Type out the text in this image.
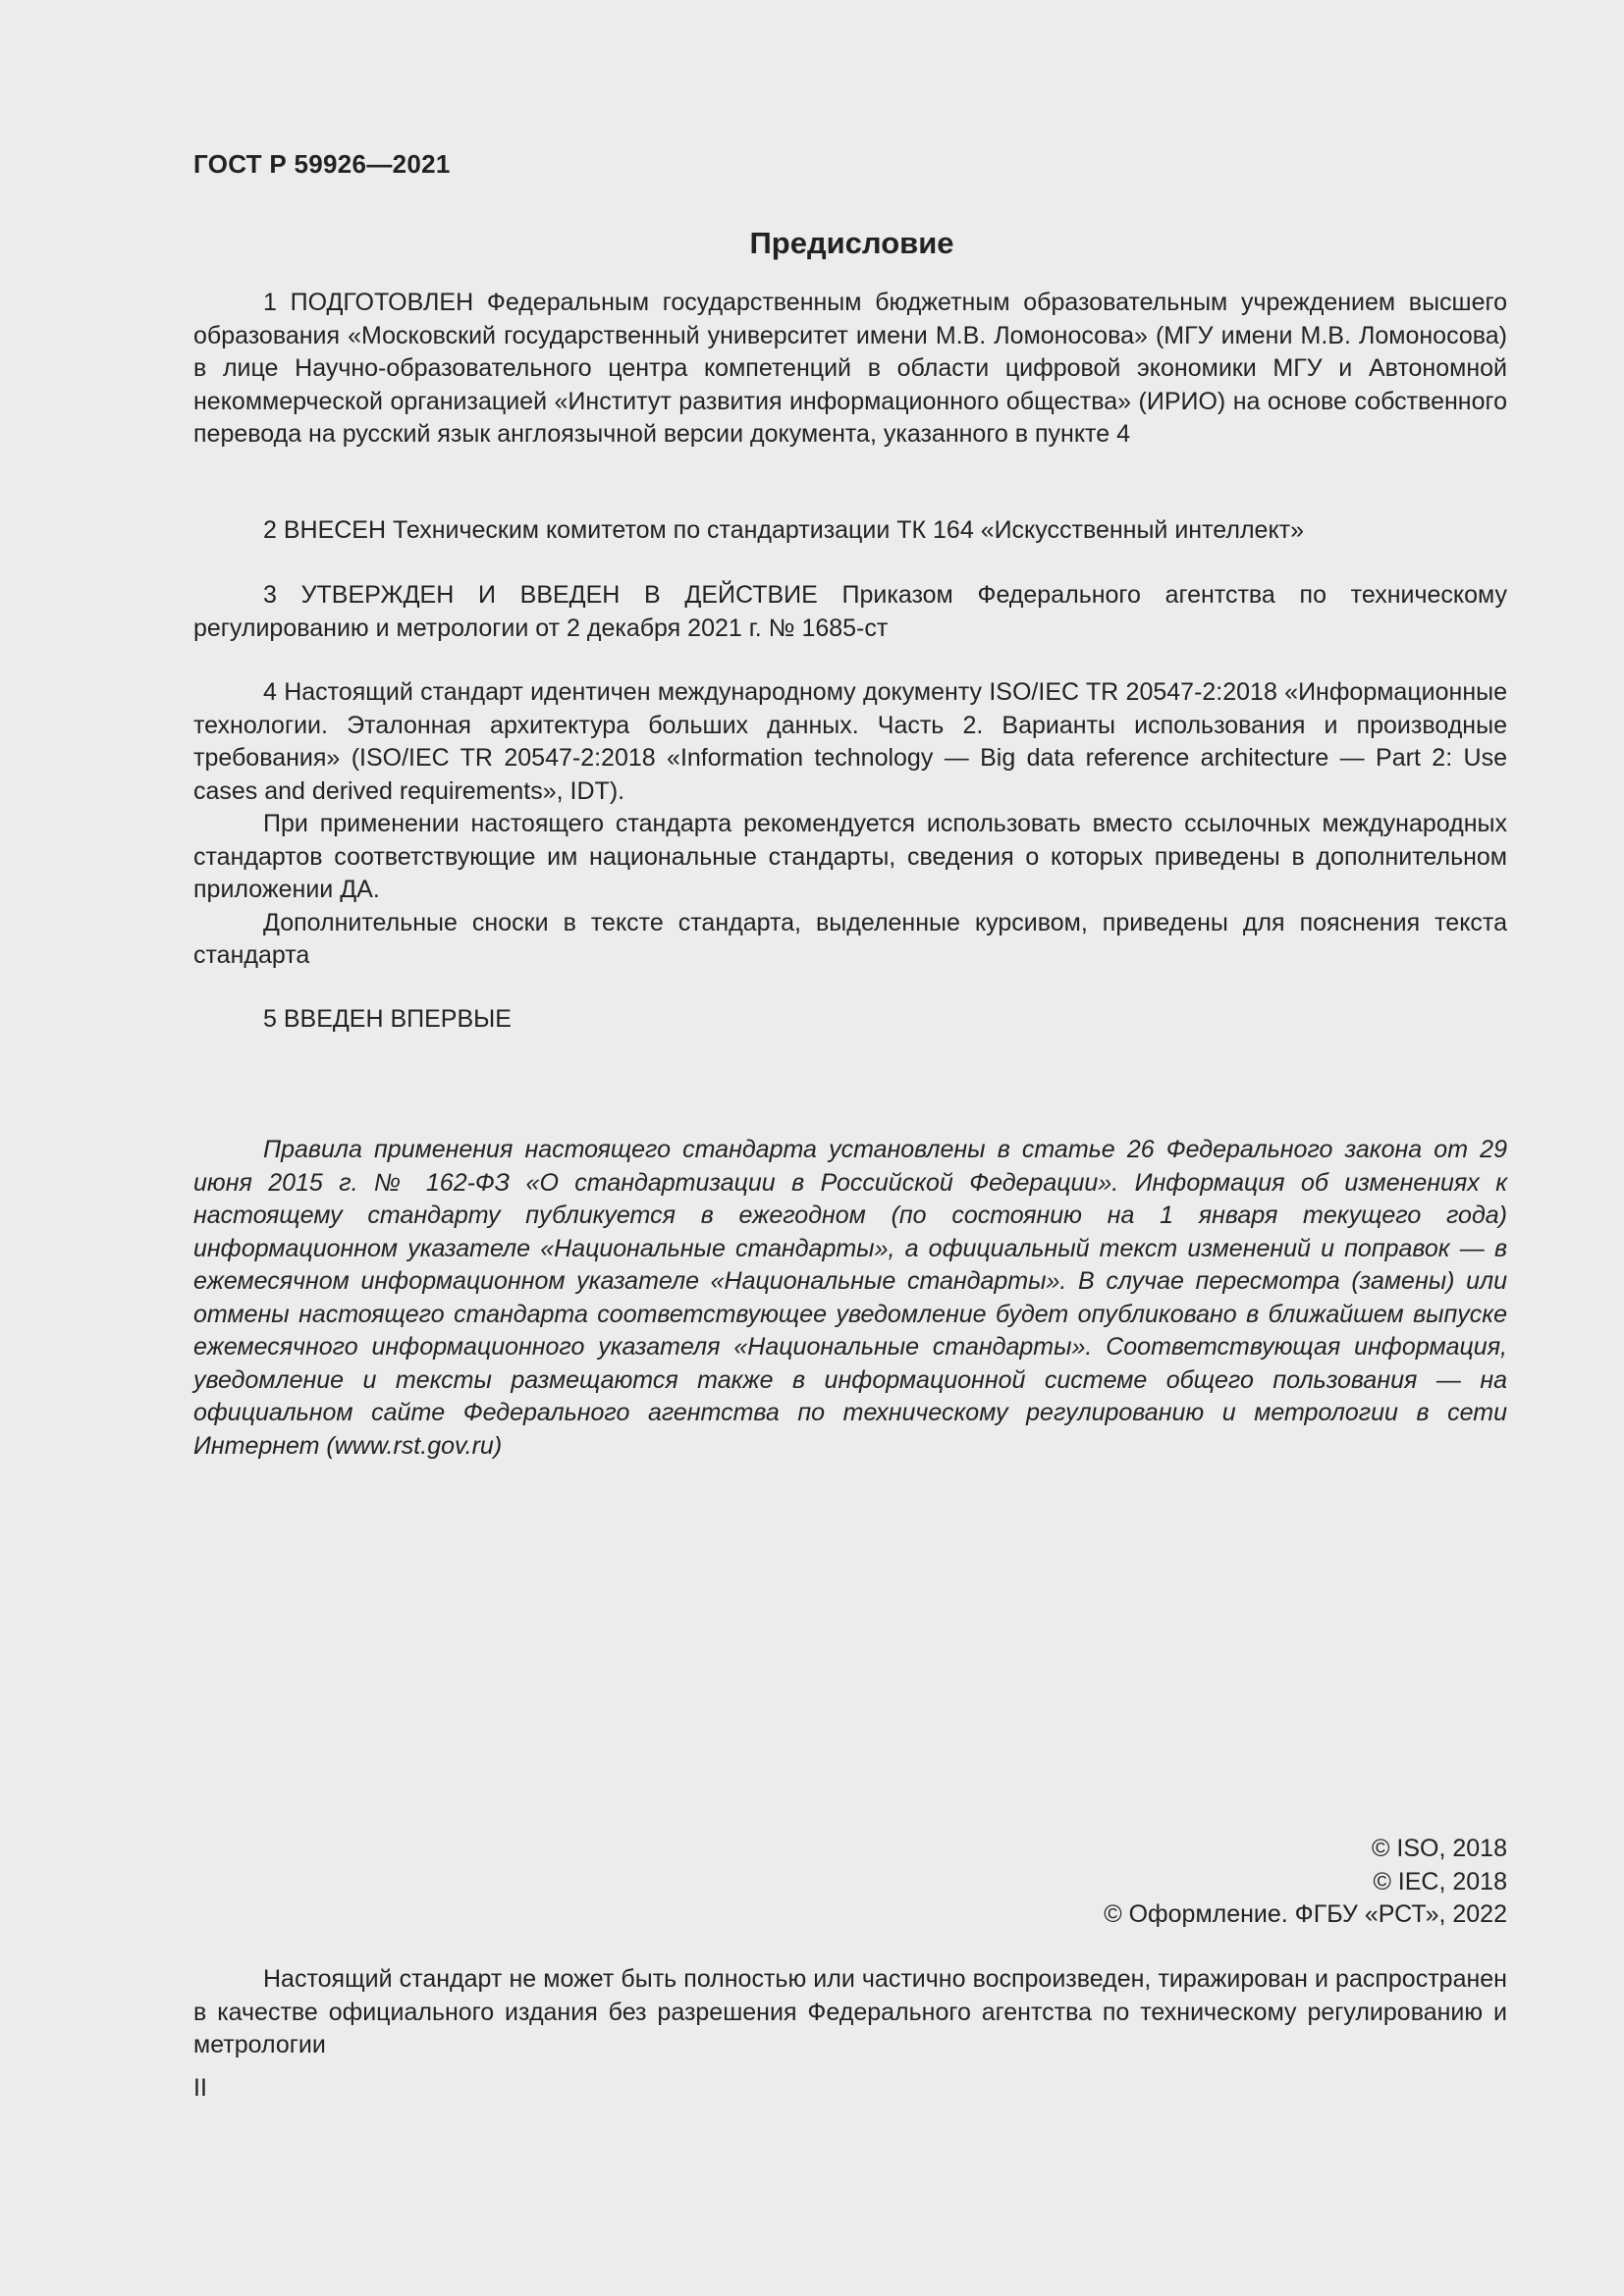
ГОСТ Р 59926—2021
Предисловие

1 ПОДГОТОВЛЕН Федеральным государственным бюджетным образовательным учреждением высшего образования «Московский государственный университет имени М.В. Ломоносова» (МГУ имени М.В. Ломоносова) в лице Научно-образовательного центра компетенций в области цифровой экономики МГУ и Автономной некоммерческой организацией «Институт развития информационного общества» (ИРИО) на основе собственного перевода на русский язык англоязычной версии документа, указанного в пункте 4

2 ВНЕСЕН Техническим комитетом по стандартизации ТК 164 «Искусственный интеллект»

3 УТВЕРЖДЕН И ВВЕДЕН В ДЕЙСТВИЕ Приказом Федерального агентства по техническому регулированию и метрологии от 2 декабря 2021 г. № 1685-ст

4 Настоящий стандарт идентичен международному документу ISO/IEC TR 20547-2:2018 «Информационные технологии. Эталонная архитектура больших данных. Часть 2. Варианты использования и производные требования» (ISO/IEC TR 20547-2:2018 «Information technology — Big data reference architecture — Part 2: Use cases and derived requirements», IDT).

При применении настоящего стандарта рекомендуется использовать вместо ссылочных международных стандартов соответствующие им национальные стандарты, сведения о которых приведены в дополнительном приложении ДА.

Дополнительные сноски в тексте стандарта, выделенные курсивом, приведены для пояснения текста стандарта

5 ВВЕДЕН ВПЕРВЫЕ

Правила применения настоящего стандарта установлены в статье 26 Федерального закона от 29 июня 2015 г. № 162-ФЗ «О стандартизации в Российской Федерации». Информация об изменениях к настоящему стандарту публикуется в ежегодном (по состоянию на 1 января текущего года) информационном указателе «Национальные стандарты», а официальный текст изменений и поправок — в ежемесячном информационном указателе «Национальные стандарты». В случае пересмотра (замены) или отмены настоящего стандарта соответствующее уведомление будет опубликовано в ближайшем выпуске ежемесячного информационного указателя «Национальные стандарты». Соответствующая информация, уведомление и тексты размещаются также в информационной системе общего пользования — на официальном сайте Федерального агентства по техническому регулированию и метрологии в сети Интернет (www.rst.gov.ru)

© ISO, 2018
© IEC, 2018
© Оформление. ФГБУ «РСТ», 2022

Настоящий стандарт не может быть полностью или частично воспроизведен, тиражирован и распространен в качестве официального издания без разрешения Федерального агентства по техническому регулированию и метрологии

II
